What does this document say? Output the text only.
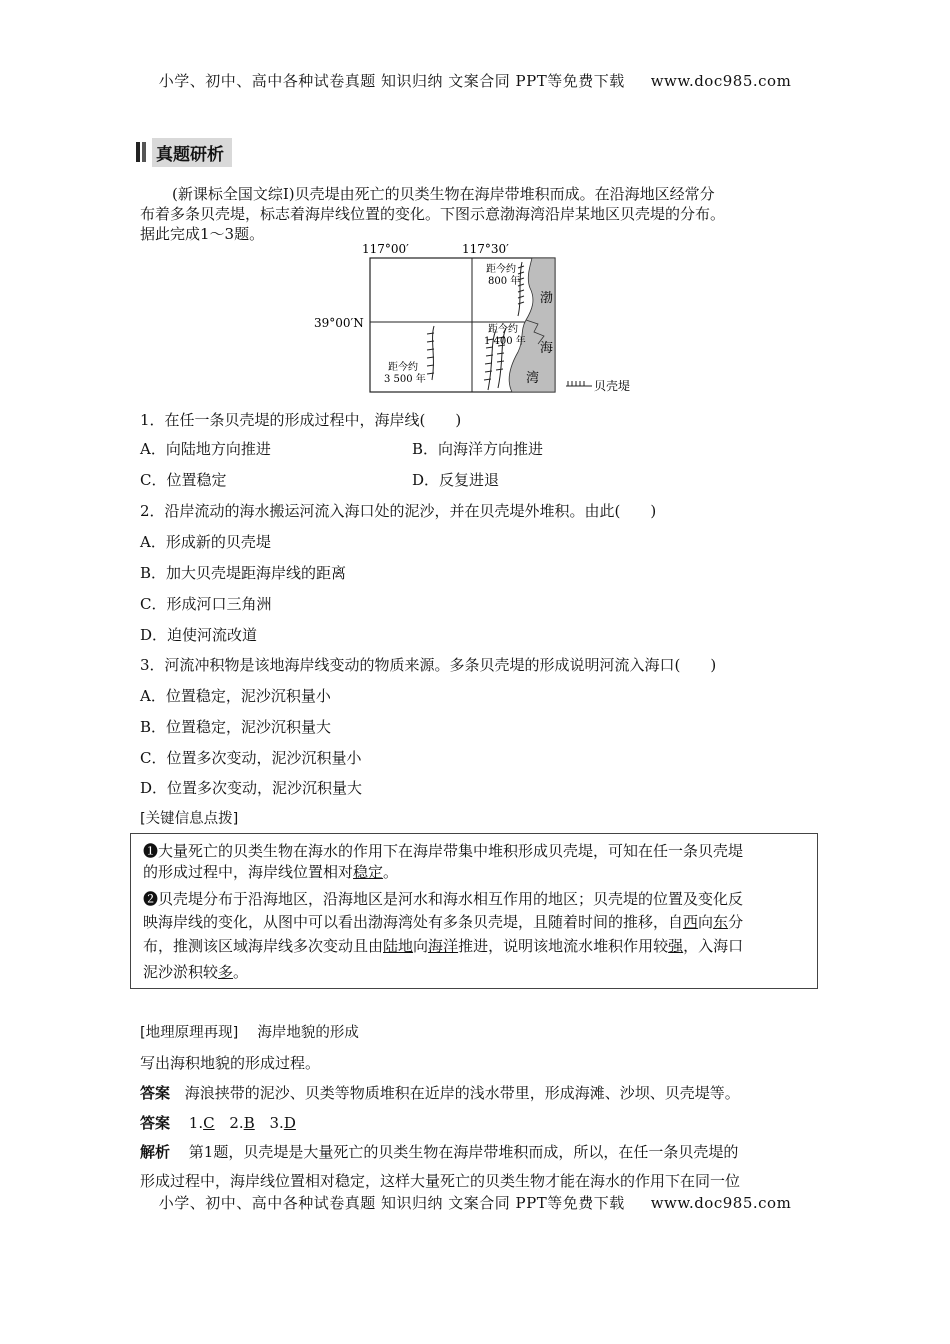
小学、初中、高中各种试卷真题 知识归纳 文案合同 PPT等免费下载 www.doc985.com
真题研析
(新课标全国文综Ⅰ)贝壳堤由死亡的贝类生物在海岸带堆积而成。在沿海地区经常分
布着多条贝壳堤，标志着海岸线位置的变化。下图示意渤海湾沿岸某地区贝壳堤的分布。
据此完成1～3题。
117°00′	117°30′
39°00′N
距今约
800 年
距今约
1 400 年
距今约
3 500 年
渤
海
湾	贝壳堤
1．在任一条贝壳堤的形成过程中，海岸线(　　)
A．向陆地方向推进	B．向海洋方向推进
C．位置稳定	D．反复进退
2．沿岸流动的海水搬运河流入海口处的泥沙，并在贝壳堤外堆积。由此(　　)
A．形成新的贝壳堤
B．加大贝壳堤距海岸线的距离
C．形成河口三角洲
D．迫使河流改道
3．河流冲积物是该地海岸线变动的物质来源。多条贝壳堤的形成说明河流入海口(　　)
A．位置稳定，泥沙沉积量小
B．位置稳定，泥沙沉积量大
C．位置多次变动，泥沙沉积量小
D．位置多次变动，泥沙沉积量大
[关键信息点拨]
❶大量死亡的贝类生物在海水的作用下在海岸带集中堆积形成贝壳堤，可知在任一条贝壳堤
的形成过程中，海岸线位置相对稳定。
❷贝壳堤分布于沿海地区，沿海地区是河水和海水相互作用的地区；贝壳堤的位置及变化反
映海岸线的变化，从图中可以看出渤海湾处有多条贝壳堤，且随着时间的推移，自西向东分
布，推测该区域海岸线多次变动且由陆地向海洋推进，说明该地流水堆积作用较强，入海口
泥沙淤积较多。
[地理原理再现] 海岸地貌的形成
写出海积地貌的形成过程。
答案 海浪挟带的泥沙、贝类等物质堆积在近岸的浅水带里，形成海滩、沙坝、贝壳堤等。
答案 1.C 2.B 3.D
解析 第1题，贝壳堤是大量死亡的贝类生物在海岸带堆积而成，所以，在任一条贝壳堤的
形成过程中，海岸线位置相对稳定，这样大量死亡的贝类生物才能在海水的作用下在同一位
小学、初中、高中各种试卷真题 知识归纳 文案合同 PPT等免费下载 www.doc985.com
